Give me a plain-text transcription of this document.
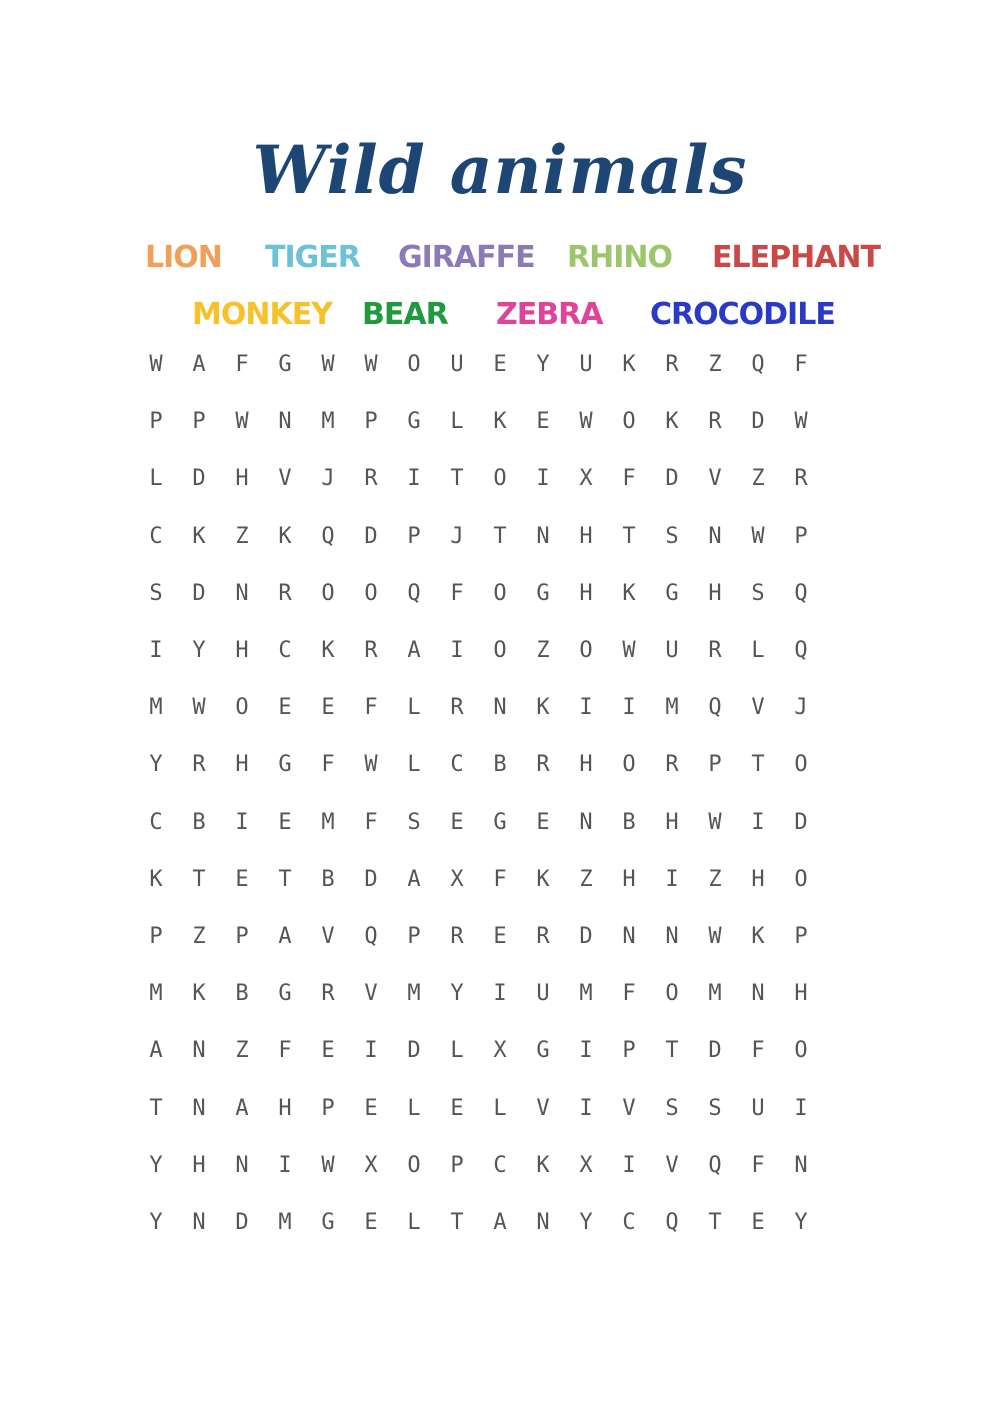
Wild animals
LION TIGER GIRAFFE RHINO ELEPHANT
MONKEY BEAR ZEBRA CROCODILE
W	A	F	G	W	W	O	U	E	Y	U	K	R	Z	Q	F
P	P	W	N	M	P	G	L	K	E	W	O	K	R	D	W
L	D	H	V	J	R	I	T	O	I	X	F	D	V	Z	R
C	K	Z	K	Q	D	P	J	T	N	H	T	S	N	W	P
S	D	N	R	O	O	Q	F	O	G	H	K	G	H	S	Q
I	Y	H	C	K	R	A	I	O	Z	O	W	U	R	L	Q
M	W	O	E	E	F	L	R	N	K	I	I	M	Q	V	J
Y	R	H	G	F	W	L	C	B	R	H	O	R	P	T	O
C	B	I	E	M	F	S	E	G	E	N	B	H	W	I	D
K	T	E	T	B	D	A	X	F	K	Z	H	I	Z	H	O
P	Z	P	A	V	Q	P	R	E	R	D	N	N	W	K	P
M	K	B	G	R	V	M	Y	I	U	M	F	O	M	N	H
A	N	Z	F	E	I	D	L	X	G	I	P	T	D	F	O
T	N	A	H	P	E	L	E	L	V	I	V	S	S	U	I
Y	H	N	I	W	X	O	P	C	K	X	I	V	Q	F	N
Y	N	D	M	G	E	L	T	A	N	Y	C	Q	T	E	Y
